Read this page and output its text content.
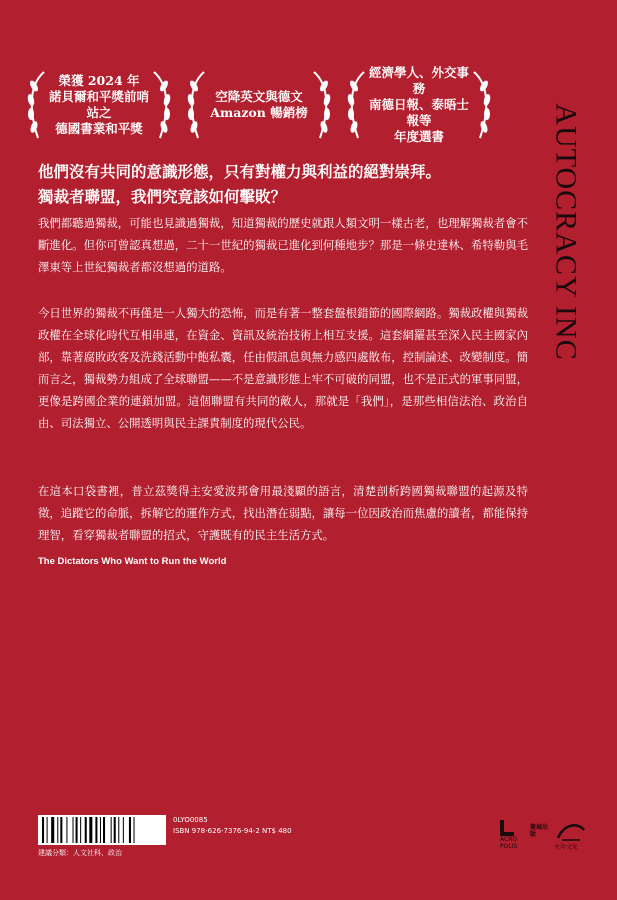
榮獲 2024 年
諾貝爾和平獎前哨站之
德國書業和平獎
空降英文與德文
Amazon 暢銷榜
經濟學人、外交事務
南德日報、泰晤士報等
年度選書	AUTOCRACY INC
他們沒有共同的意識形態，只有對權力與利益的絕對崇拜。
獨裁者聯盟，我們究竟該如何擊敗？
我們都聽過獨裁，可能也見識過獨裁，知道獨裁的歷史就跟人類文明一樣古老，也理解獨裁者會不斷進化。但你可曾認真想過，二十一世紀的獨裁已進化到何種地步？那是一條史達林、希特勒與毛澤東等上世紀獨裁者都沒想過的道路。
今日世界的獨裁不再僅是一人獨大的恐怖，而是有著一整套盤根錯節的國際網路。獨裁政權與獨裁政權在全球化時代互相串連，在資金、資訊及統治技術上相互支援。這套網羅甚至深入民主國家內部，靠著腐敗政客及洗錢活動中飽私囊，任由假訊息與無力感四處散布，控制論述、改變制度。簡而言之，獨裁勢力組成了全球聯盟——不是意識形態上牢不可破的同盟，也不是正式的軍事同盟，更像是跨國企業的連鎖加盟。這個聯盟有共同的敵人，那就是「我們」，是那些相信法治、政治自由、司法獨立、公開透明與民主課責制度的現代公民。
在這本口袋書裡，普立茲獎得主安愛波邦會用最淺顯的語言，清楚剖析跨國獨裁聯盟的起源及特徵，追蹤它的命脈，拆解它的運作方式，找出潛在弱點，讓每一位因政治而焦慮的讀者，都能保持理智，看穿獨裁者聯盟的招式，守護既有的民主生活方式。
The Dictators Who Want to Run the World
0LYO0085
ISBN 978-626-7376-94-2 NT$ 480
建議分類：人文社科、政治
ACRO POLIS
衛城出版
左岸文化
